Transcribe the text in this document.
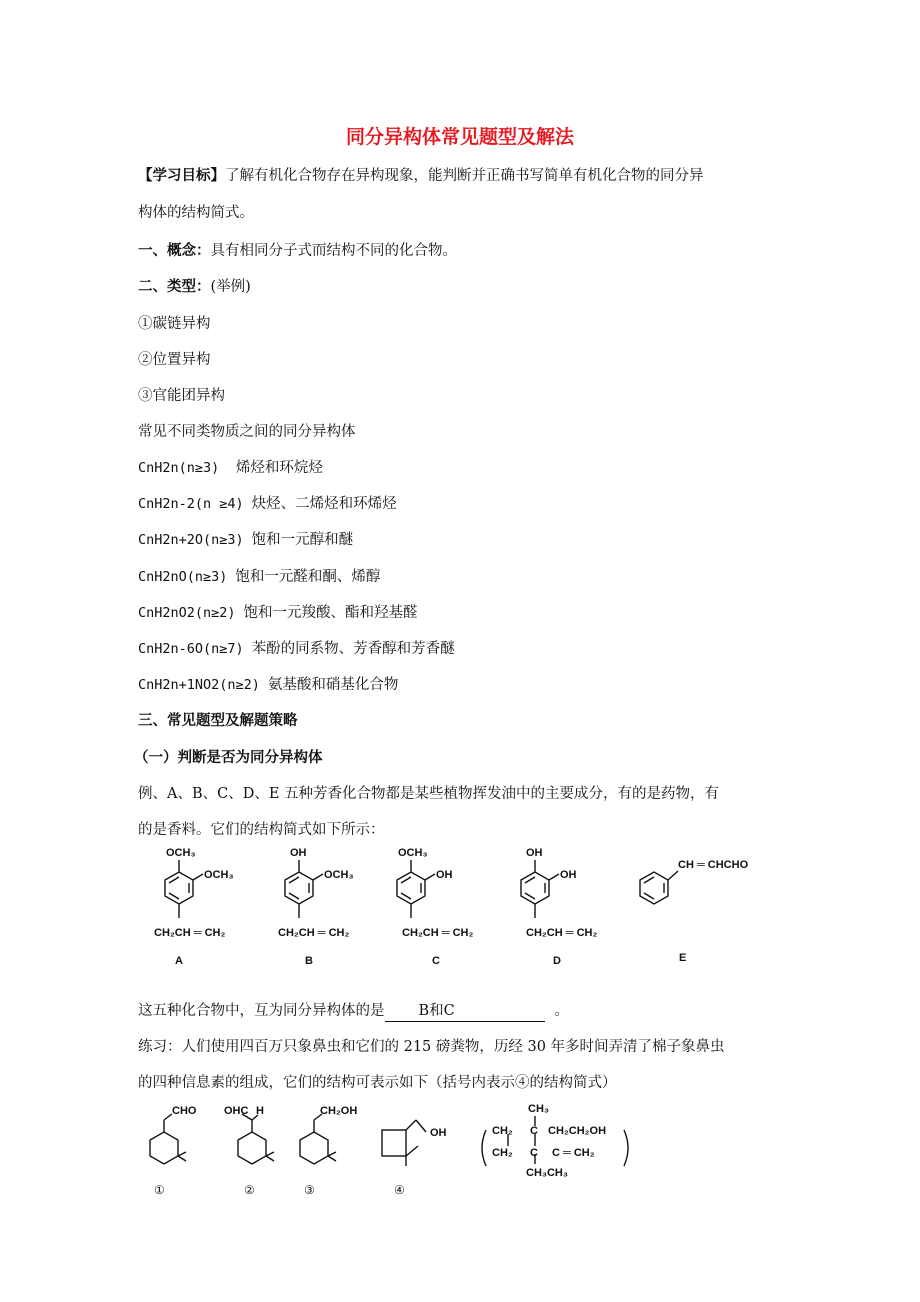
同分异构体常见题型及解法
【学习目标】了解有机化合物存在异构现象，能判断并正确书写简单有机化合物的同分异
构体的结构简式。
一、概念：具有相同分子式而结构不同的化合物。
二、类型：(举例)
①碳链异构
②位置异构
③官能团异构
常见不同类物质之间的同分异构体
CnH2n(n≥3) 烯烃和环烷烃
CnH2n-2(n ≥4) 炔烃、二烯烃和环烯烃
CnH2n+2O(n≥3) 饱和一元醇和醚
CnH2nO(n≥3) 饱和一元醛和酮、烯醇
CnH2nO2(n≥2) 饱和一元羧酸、酯和羟基醛
CnH2n-6O(n≥7) 苯酚的同系物、芳香醇和芳香醚
CnH2n+1NO2(n≥2) 氨基酸和硝基化合物
三、常见题型及解题策略
（一）判断是否为同分异构体
例、A、B、C、D、E 五种芳香化合物都是某些植物挥发油中的主要成分，有的是药物，有
的是香料。它们的结构简式如下所示：
OCH₃
OCH₃
CH₂CH ═ CH₂
OH
OCH₃
CH₂CH ═ CH₂
OCH₃
OH
CH₂CH ═ CH₂
OH
OH
CH₂CH ═ CH₂
CH ═ CHCHO
A	B	C	D	E
这五种化合物中，互为同分异构体的是 B和C	。
练习：人们使用四百万只象鼻虫和它们的 215 磅粪物，历经 30 年多时间弄清了棉子象鼻虫
的四种信息素的组成，它们的结构可表示如下（括号内表示④的结构简式）
CHO	OHC H	CH₂OH
OH
CH₃
CH₂ C CH₂CH₂OH
CH₂ C C ═ CH₂
CH₃CH₃
①	②	③	④
